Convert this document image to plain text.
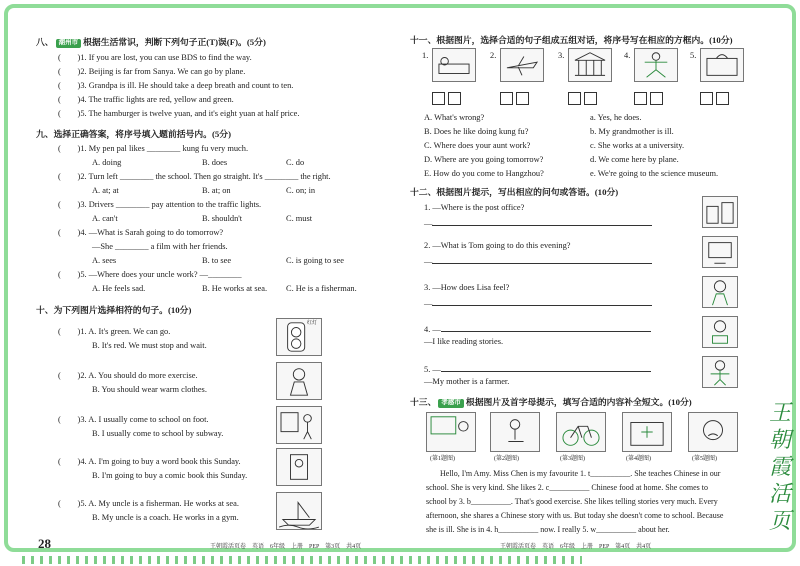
八、 潮州市 根据生活常识，判断下列句子正(T)误(F)。(5分)
(　　)1. If you are lost, you can use BDS to find the way.
(　　)2. Beijing is far from Sanya. We can go by plane.
(　　)3. Grandpa is ill. He should take a deep breath and count to ten.
(　　)4. The traffic lights are red, yellow and green.
(　　)5. The hamburger is twelve yuan, and it's eight yuan at half price.
九、选择正确答案，将序号填入题前括号内。(5分)
(　　)1. My pen pal likes ________ kung fu very much.
A. doing	B. does	C. do
(　　)2. Turn left ________ the school. Then go straight. It's ________ the right.
A. at; at	B. at; on	C. on; in
(　　)3. Drivers ________ pay attention to the traffic lights.
A. can't	B. shouldn't	C. must
(　　)4. —What is Sarah going to do tomorrow?
—She ________ a film with her friends.
A. sees	B. to see	C. is going to see
(　　)5. —Where does your uncle work? —________
A. He feels sad.	B. He works at sea. C. He is a fisherman.
十、为下列图片选择相符的句子。(10分)
(　　)1. A. It's green. We can go.
B. It's red. We must stop and wait.
(　　)2. A. You should do more exercise.
B. You should wear warm clothes.
(　　)3. A. I usually come to school on foot.
B. I usually come to school by subway.
(　　)4. A. I'm going to buy a word book this Sunday.
B. I'm going to buy a comic book this Sunday.
(　　)5. A. My uncle is a fisherman. He works at sea.
B. My uncle is a coach. He works in a gym.
红灯
十一、根据图片，选择合适的句子组成五组对话，将序号写在相应的方框内。(10分)
1.	2.	3.	4.	5.
A. What's wrong?
B. Does he like doing kung fu?
C. Where does your aunt work?
D. Where are you going tomorrow?
E. How do you come to Hangzhou?
a. Yes, he does.
b. My grandmother is ill.
c. She works at a university.
d. We come here by plane.
e. We're going to the science museum.
十二、根据图片提示，写出相应的问句或答语。(10分)
1. —Where is the post office?
—
2. —What is Tom going to do this evening?
—
3. —How does Lisa feel?
—
4. —
—I like reading stories.
5. —
—My mother is a farmer.
十三、 孝感市 根据图片及首字母提示，填写合适的内容补全短文。(10分)
(第1题图)	(第2题图)	(第3题图)	(第4题图)	(第5题图)
Hello, I'm Amy. Miss Chen is my favourite 1. t__________. She teaches Chinese in our
school. She is very kind. She likes 2. c__________ Chinese food at home. She comes to
school by 3. b__________. That's good exercise. She likes telling stories very much. Every
afternoon, she shares a Chinese story with us. But today she doesn't come to school. Because
she is ill. She is in 4. h__________ now. I really 5. w__________ about her.
28	王朝霞活页卷　英语　6年级　上册　PEP　第3页　共4页	王朝霞活页卷　英语　6年级　上册　PEP　第4页　共4页
王朝霞活页
